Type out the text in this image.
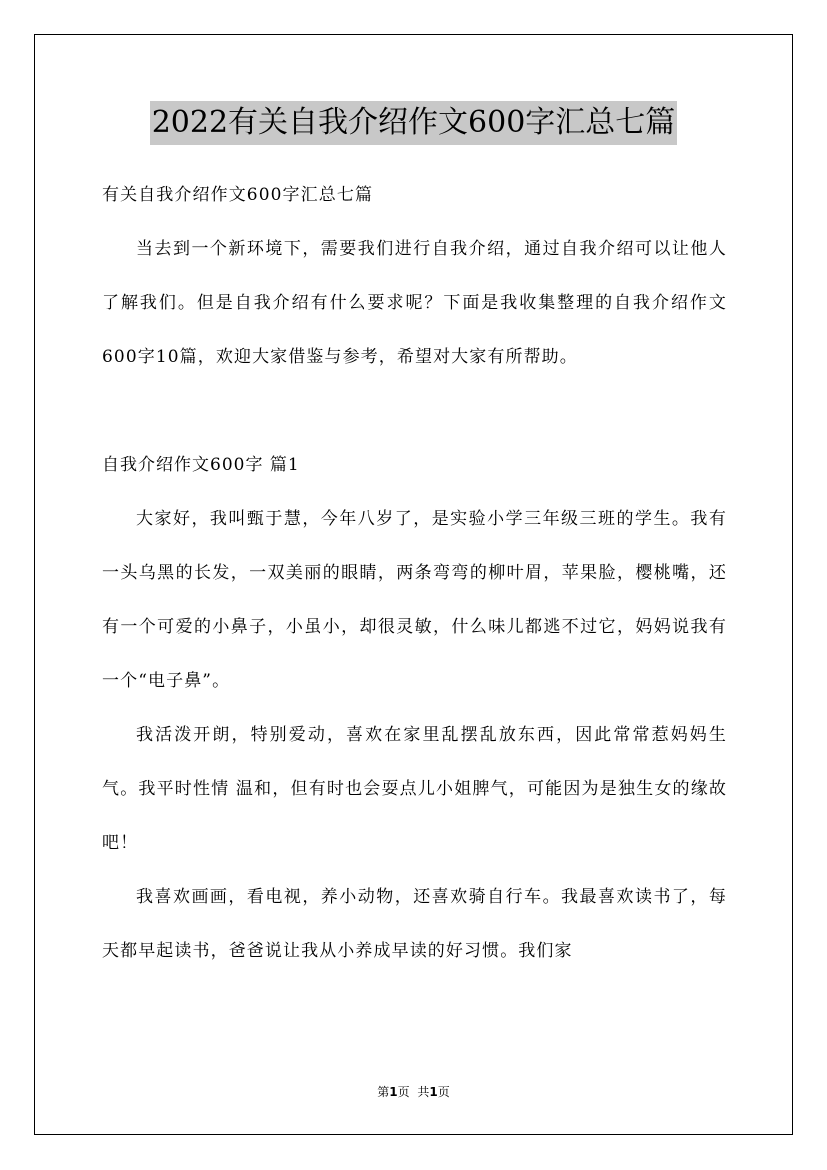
2022有关自我介绍作文600字汇总七篇

有关自我介绍作文600字汇总七篇

当去到一个新环境下，需要我们进行自我介绍，通过自我介绍可以让他人了解我们。但是自我介绍有什么要求呢？下面是我收集整理的自我介绍作文600字10篇，欢迎大家借鉴与参考，希望对大家有所帮助。

自我介绍作文600字 篇1

大家好，我叫甄于慧，今年八岁了，是实验小学三年级三班的学生。我有一头乌黑的长发，一双美丽的眼睛，两条弯弯的柳叶眉，苹果脸，樱桃嘴，还有一个可爱的小鼻子，小虽小，却很灵敏，什么味儿都逃不过它，妈妈说我有一个“电子鼻”。

我活泼开朗，特别爱动，喜欢在家里乱摆乱放东西，因此常常惹妈妈生气。我平时性情 温和，但有时也会耍点儿小姐脾气，可能因为是独生女的缘故吧！

我喜欢画画，看电视，养小动物，还喜欢骑自行车。我最喜欢读书了，每天都早起读书，爸爸说让我从小养成早读的好习惯。我们家

第1页 共1页
